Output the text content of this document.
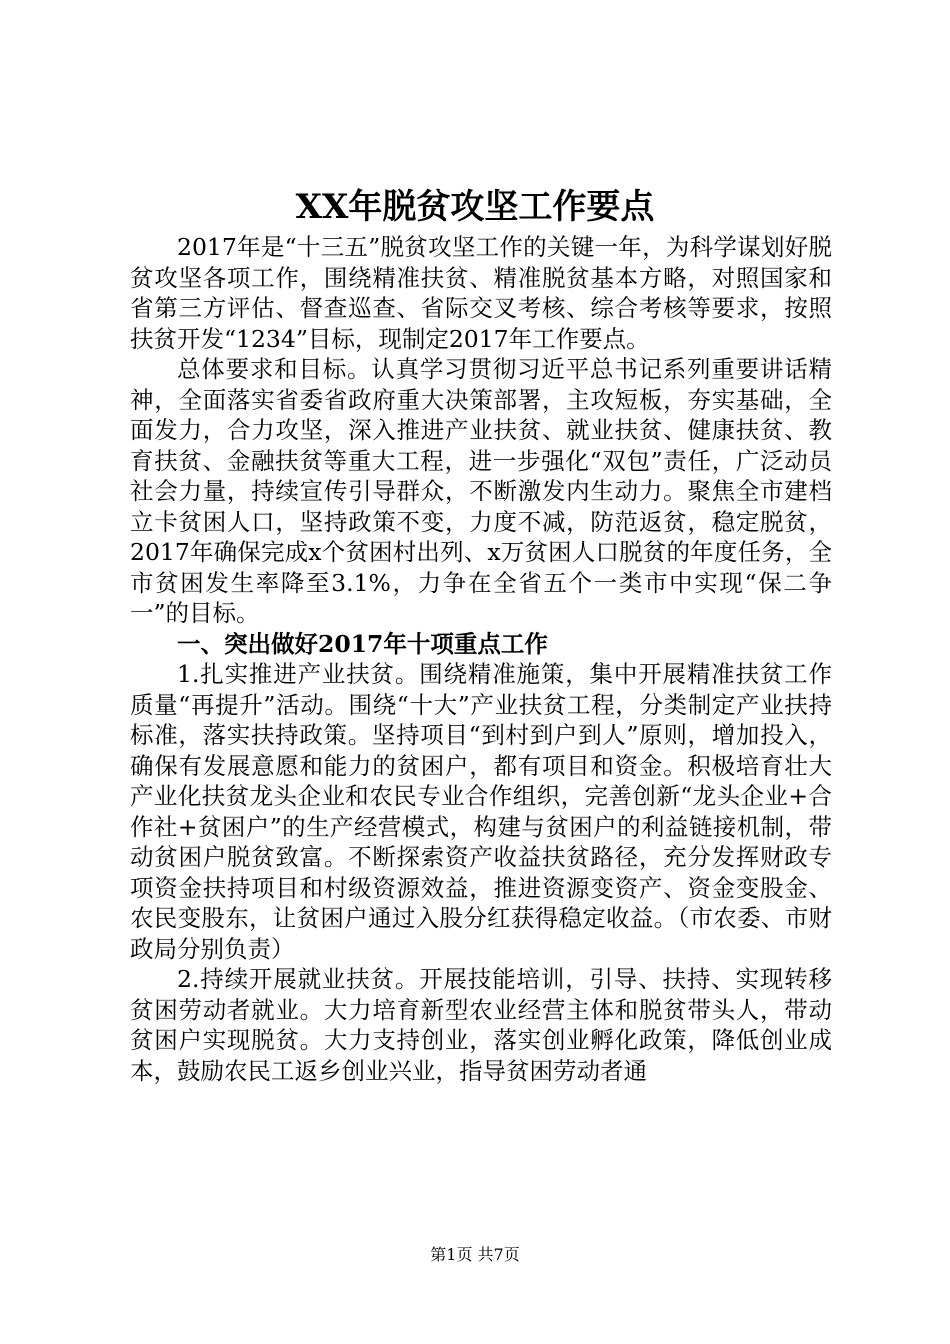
XX年脱贫攻坚工作要点

2017年是“十三五”脱贫攻坚工作的关键一年，为科学谋划好脱贫攻坚各项工作，围绕精准扶贫、精准脱贫基本方略，对照国家和省第三方评估、督查巡查、省际交叉考核、综合考核等要求，按照扶贫开发“1234”目标，现制定2017年工作要点。

总体要求和目标。认真学习贯彻习近平总书记系列重要讲话精神，全面落实省委省政府重大决策部署，主攻短板，夯实基础，全面发力，合力攻坚，深入推进产业扶贫、就业扶贫、健康扶贫、教育扶贫、金融扶贫等重大工程，进一步强化“双包”责任，广泛动员社会力量，持续宣传引导群众，不断激发内生动力。聚焦全市建档立卡贫困人口，坚持政策不变，力度不减，防范返贫，稳定脱贫，2017年确保完成x个贫困村出列、x万贫困人口脱贫的年度任务，全市贫困发生率降至3.1%，力争在全省五个一类市中实现“保二争一”的目标。

一、突出做好2017年十项重点工作

1.扎实推进产业扶贫。围绕精准施策，集中开展精准扶贫工作质量“再提升”活动。围绕“十大”产业扶贫工程，分类制定产业扶持标准，落实扶持政策。坚持项目“到村到户到人”原则，增加投入，确保有发展意愿和能力的贫困户，都有项目和资金。积极培育壮大产业化扶贫龙头企业和农民专业合作组织，完善创新“龙头企业+合作社+贫困户”的生产经营模式，构建与贫困户的利益链接机制，带动贫困户脱贫致富。不断探索资产收益扶贫路径，充分发挥财政专项资金扶持项目和村级资源效益，推进资源变资产、资金变股金、农民变股东，让贫困户通过入股分红获得稳定收益。（市农委、市财政局分别负责）

2.持续开展就业扶贫。开展技能培训，引导、扶持、实现转移贫困劳动者就业。大力培育新型农业经营主体和脱贫带头人，带动贫困户实现脱贫。大力支持创业，落实创业孵化政策，降低创业成本，鼓励农民工返乡创业兴业，指导贫困劳动者通

第1页 共7页
